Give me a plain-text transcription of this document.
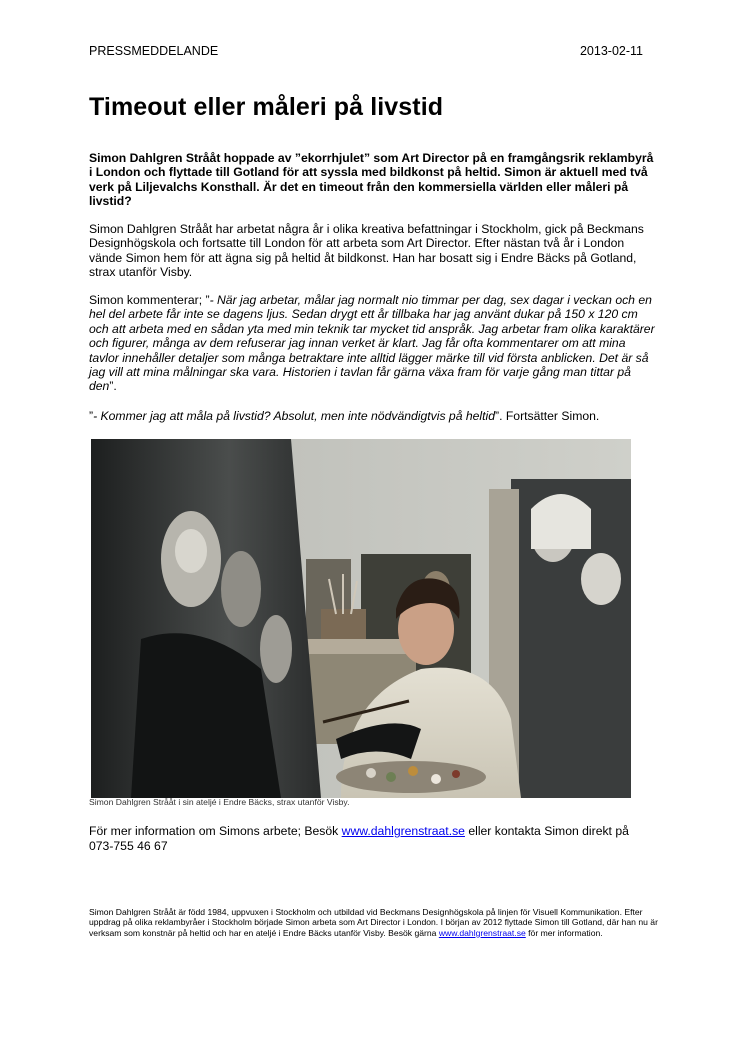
PRESSMEDDELANDE	2013-02-11
Timeout eller måleri på livstid

Simon Dahlgren Strååt hoppade av ”ekorrhjulet” som Art Director på en framgångsrik reklambyrå i London och flyttade till Gotland för att syssla med bildkonst på heltid. Simon är aktuell med två verk på Liljevalchs Konsthall. Är det en timeout från den kommersiella världen eller måleri på livstid?

Simon Dahlgren Strååt har arbetat några år i olika kreativa befattningar i Stockholm, gick på Beckmans Designhögskola och fortsatte till London för att arbeta som Art Director. Efter nästan två år i London vände Simon hem för att ägna sig på heltid åt bildkonst. Han har bosatt sig i Endre Bäcks på Gotland, strax utanför Visby.

Simon kommenterar; ”- När jag arbetar, målar jag normalt nio timmar per dag, sex dagar i veckan och en hel del arbete får inte se dagens ljus. Sedan drygt ett år tillbaka har jag använt dukar på 150 x 120 cm och att arbeta med en sådan yta med min teknik tar mycket tid anspråk. Jag arbetar fram olika karaktärer och figurer, många av dem refuserar jag innan verket är klart. Jag får ofta kommentarer om att mina tavlor innehåller detaljer som många betraktare inte alltid lägger märke till vid första anblicken. Det är så jag vill att mina målningar ska vara. Historien i tavlan får gärna växa fram för varje gång man tittar på den”.

”- Kommer jag att måla på livstid? Absolut, men inte nödvändigtvis på heltid”. Fortsätter Simon.

Simon Dahlgren Strååt i sin ateljé i Endre Bäcks, strax utanför Visby.
För mer information om Simons arbete; Besök www.dahlgrenstraat.se eller kontakta Simon direkt på 073-755 46 67
Simon Dahlgren Strååt är född 1984, uppvuxen i Stockholm och utbildad vid Beckmans Designhögskola på linjen för Visuell Kommunikation. Efter uppdrag på olika reklambyråer i Stockholm började Simon arbeta som Art Director i London. I början av 2012 flyttade Simon till Gotland, där han nu är verksam som konstnär på heltid och har en ateljé i Endre Bäcks utanför Visby. Besök gärna www.dahlgrenstraat.se för mer information.
